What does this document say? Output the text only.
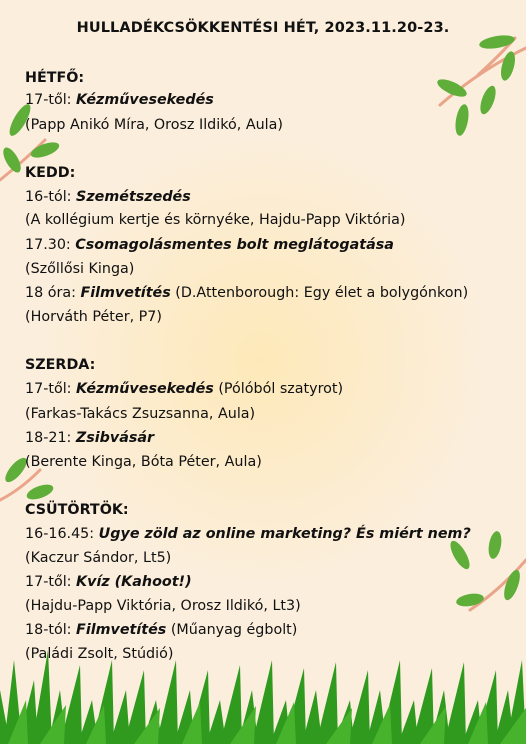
HULLADÉKCSÖKKENTÉSI HÉT, 2023.11.20-23.
HÉTFŐ:
17-től: Kézművesekedés
(Papp Anikó Míra, Orosz Ildikó, Aula)
KEDD:
16-tól: Szemétszedés
(A kollégium kertje és környéke, Hajdu-Papp Viktória)
17.30: Csomagolásmentes bolt meglátogatása
(Szőllősi Kinga)
18 óra: Filmvetítés (D.Attenborough: Egy élet a bolygónkon)
(Horváth Péter, P7)
SZERDA:
17-től: Kézművesekedés (Pólóból szatyrot)
(Farkas-Takács Zsuzsanna, Aula)
18-21: Zsibvásár
(Berente Kinga, Bóta Péter, Aula)
CSÜTÖRTÖK:
16-16.45: Ugye zöld az online marketing? És miért nem?
(Kaczur Sándor, Lt5)
17-től: Kvíz (Kahoot!)
(Hajdu-Papp Viktória, Orosz Ildikó, Lt3)
18-tól: Filmvetítés (Műanyag égbolt)
(Paládi Zsolt, Stúdió)
